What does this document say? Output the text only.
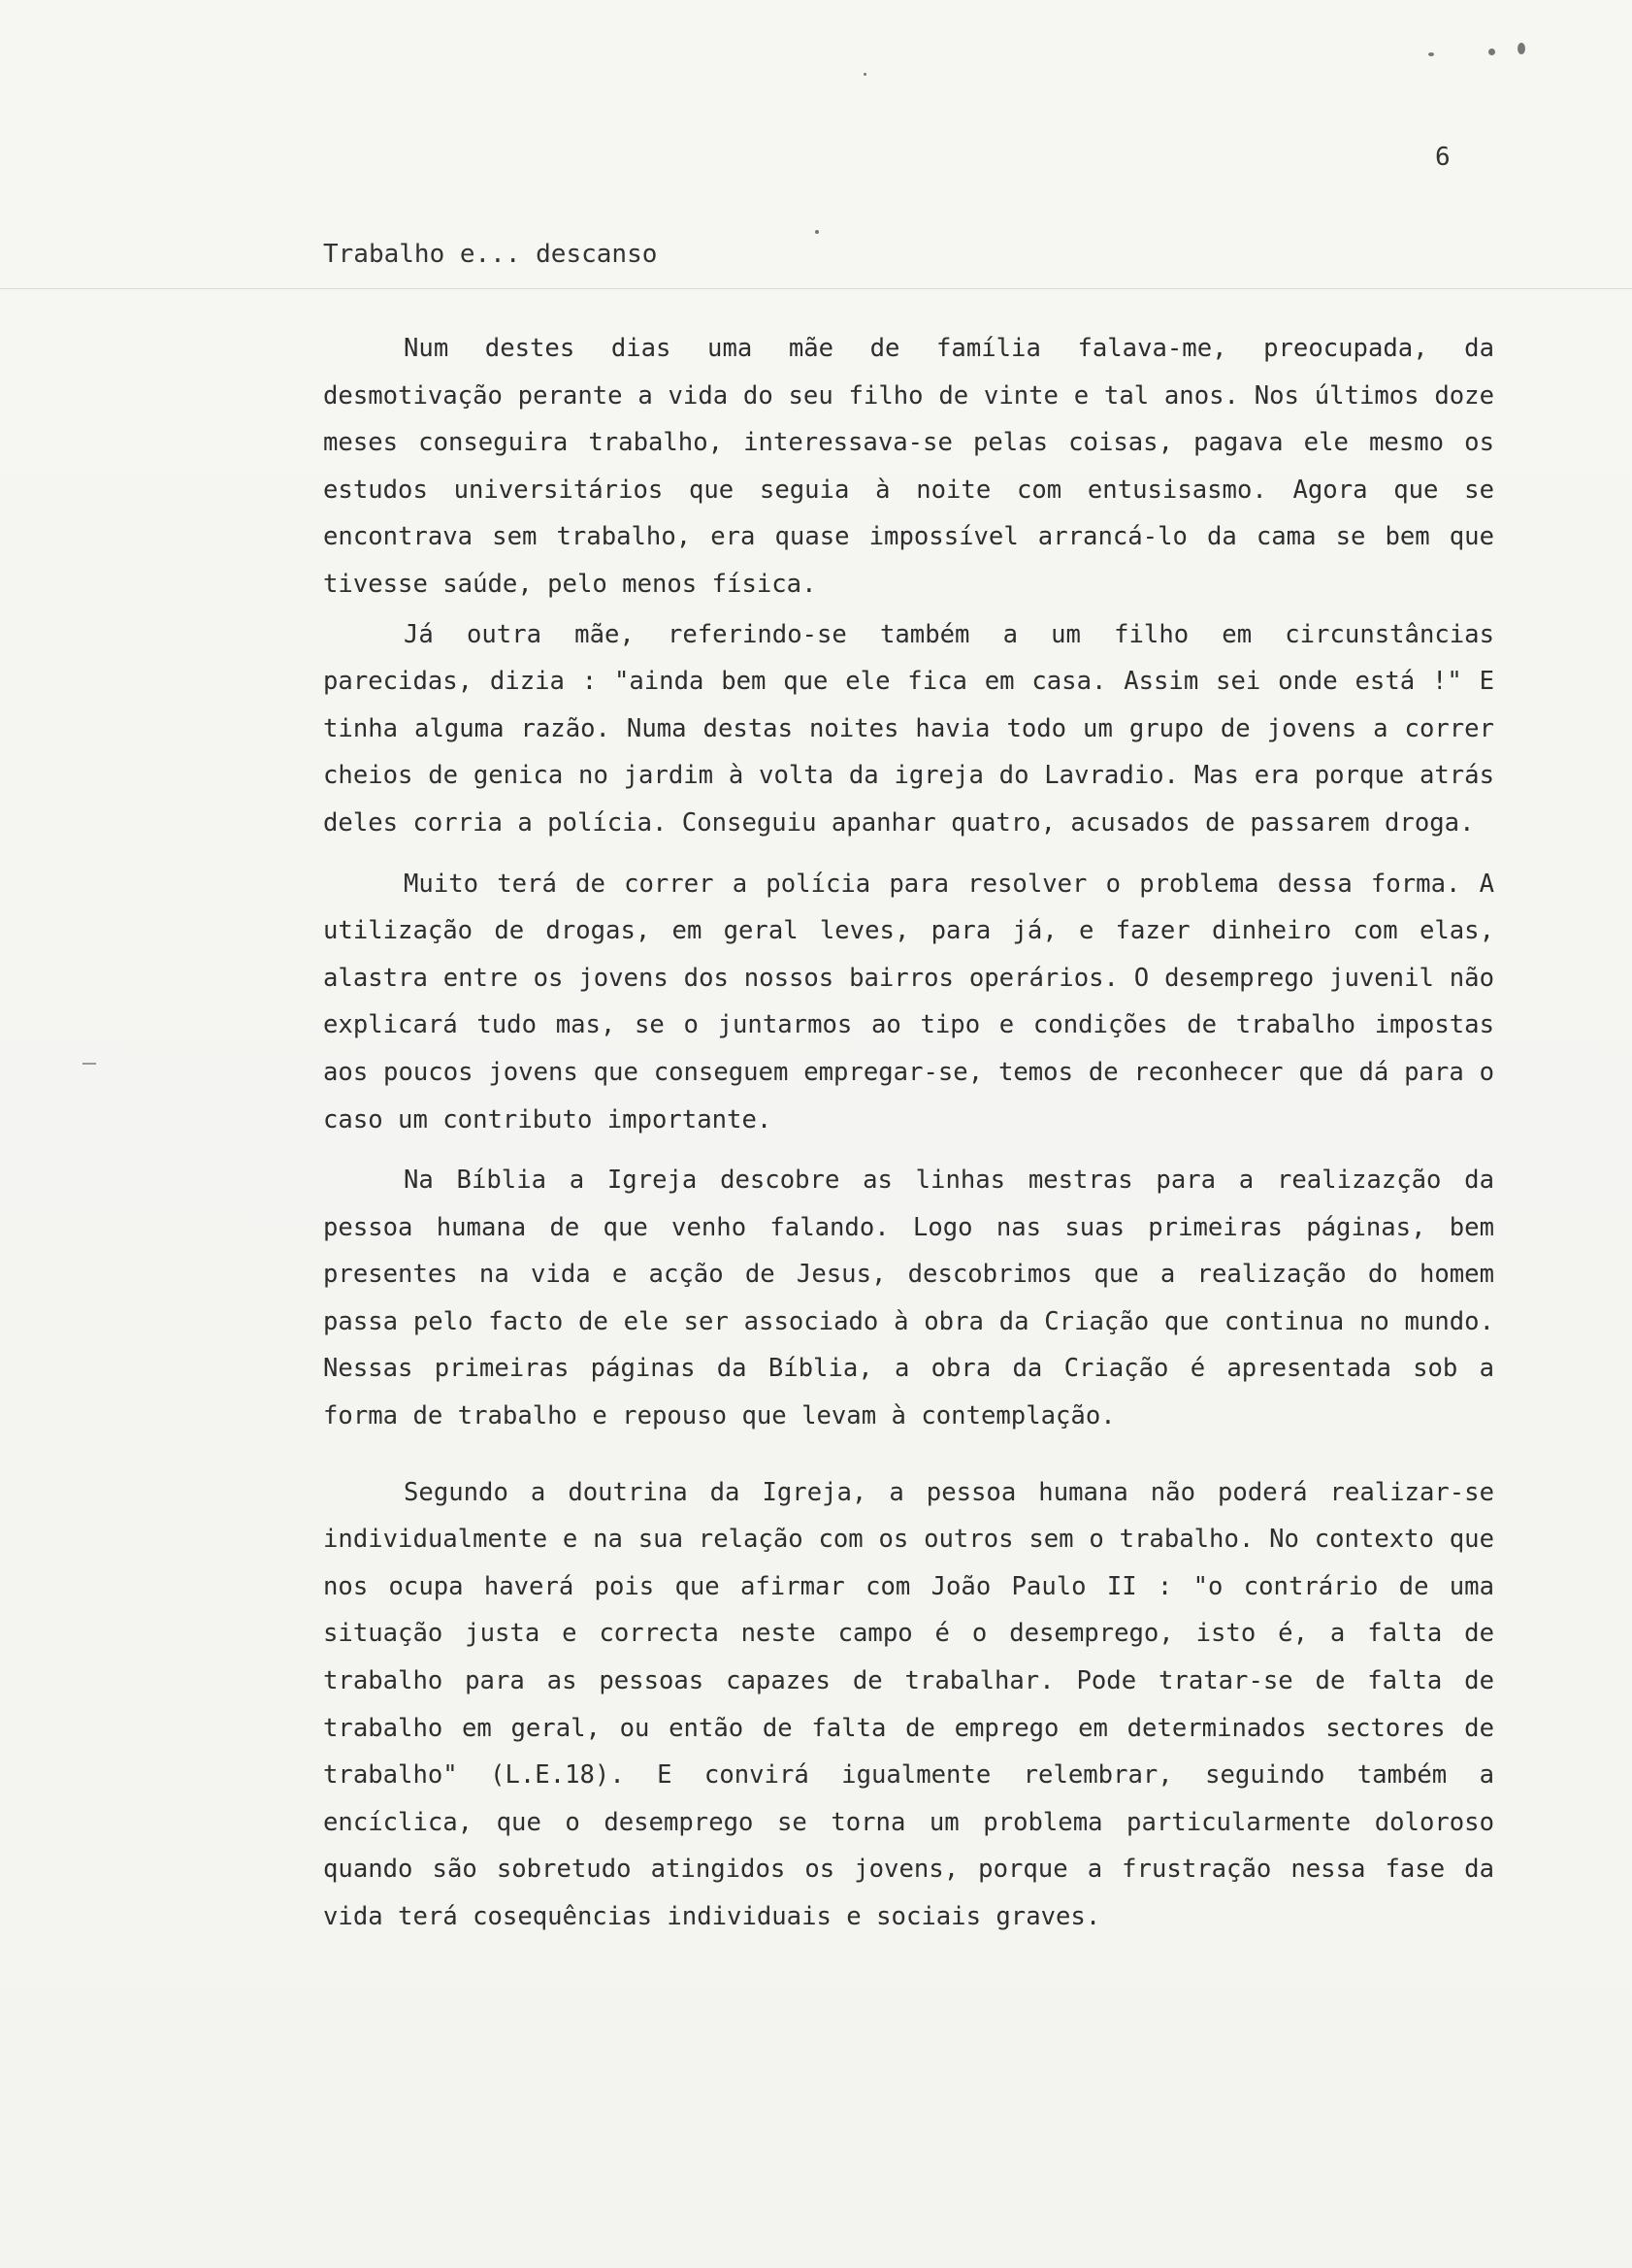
6
Trabalho e... descanso

Num destes dias uma mãe de família falava-me, preocupada, da desmotivação perante a vida do seu filho de vinte e tal anos. Nos últimos doze meses conseguira trabalho, interessava-se pelas coisas, pagava ele mesmo os estudos universitários que seguia à noite com entusisasmo. Agora que se encontrava sem trabalho, era quase impossível arrancá-lo da cama se bem que tivesse saúde, pelo menos física.

Já outra mãe, referindo-se também a um filho em circunstâncias parecidas, dizia : "ainda bem que ele fica em casa. Assim sei onde está !" E tinha alguma razão. Numa destas noites havia todo um grupo de jovens a correr cheios de genica no jardim à volta da igreja do Lavradio. Mas era porque atrás deles corria a polícia. Conseguiu apanhar quatro, acusados de passarem droga.

Muito terá de correr a polícia para resolver o problema dessa forma. A utilização de drogas, em geral leves, para já, e fazer dinheiro com elas, alastra entre os jovens dos nossos bairros operários. O desemprego juvenil não explicará tudo mas, se o juntarmos ao tipo e condições de trabalho impostas aos poucos jovens que conseguem empregar-se, temos de reconhecer que dá para o caso um contributo importante.

Na Bíblia a Igreja descobre as linhas mestras para a realizazção da pessoa humana de que venho falando. Logo nas suas primeiras páginas, bem presentes na vida e acção de Jesus, descobrimos que a realização do homem passa pelo facto de ele ser associado à obra da Criação que continua no mundo. Nessas primeiras páginas da Bíblia, a obra da Criação é apresentada sob a forma de trabalho e repouso que levam à contemplação.

Segundo a doutrina da Igreja, a pessoa humana não poderá realizar-se individualmente e na sua relação com os outros sem o trabalho. No contexto que nos ocupa haverá pois que afirmar com João Paulo II : "o contrário de uma situação justa e correcta neste campo é o desemprego, isto é, a falta de trabalho para as pessoas capazes de trabalhar. Pode tratar-se de falta de trabalho em geral, ou então de falta de emprego em determinados sectores de trabalho" (L.E.18). E convirá igualmente relembrar, seguindo também a encíclica, que o desemprego se torna um problema particularmente doloroso quando são sobretudo atingidos os jovens, porque a frustração nessa fase da vida terá cosequências individuais e sociais graves.
